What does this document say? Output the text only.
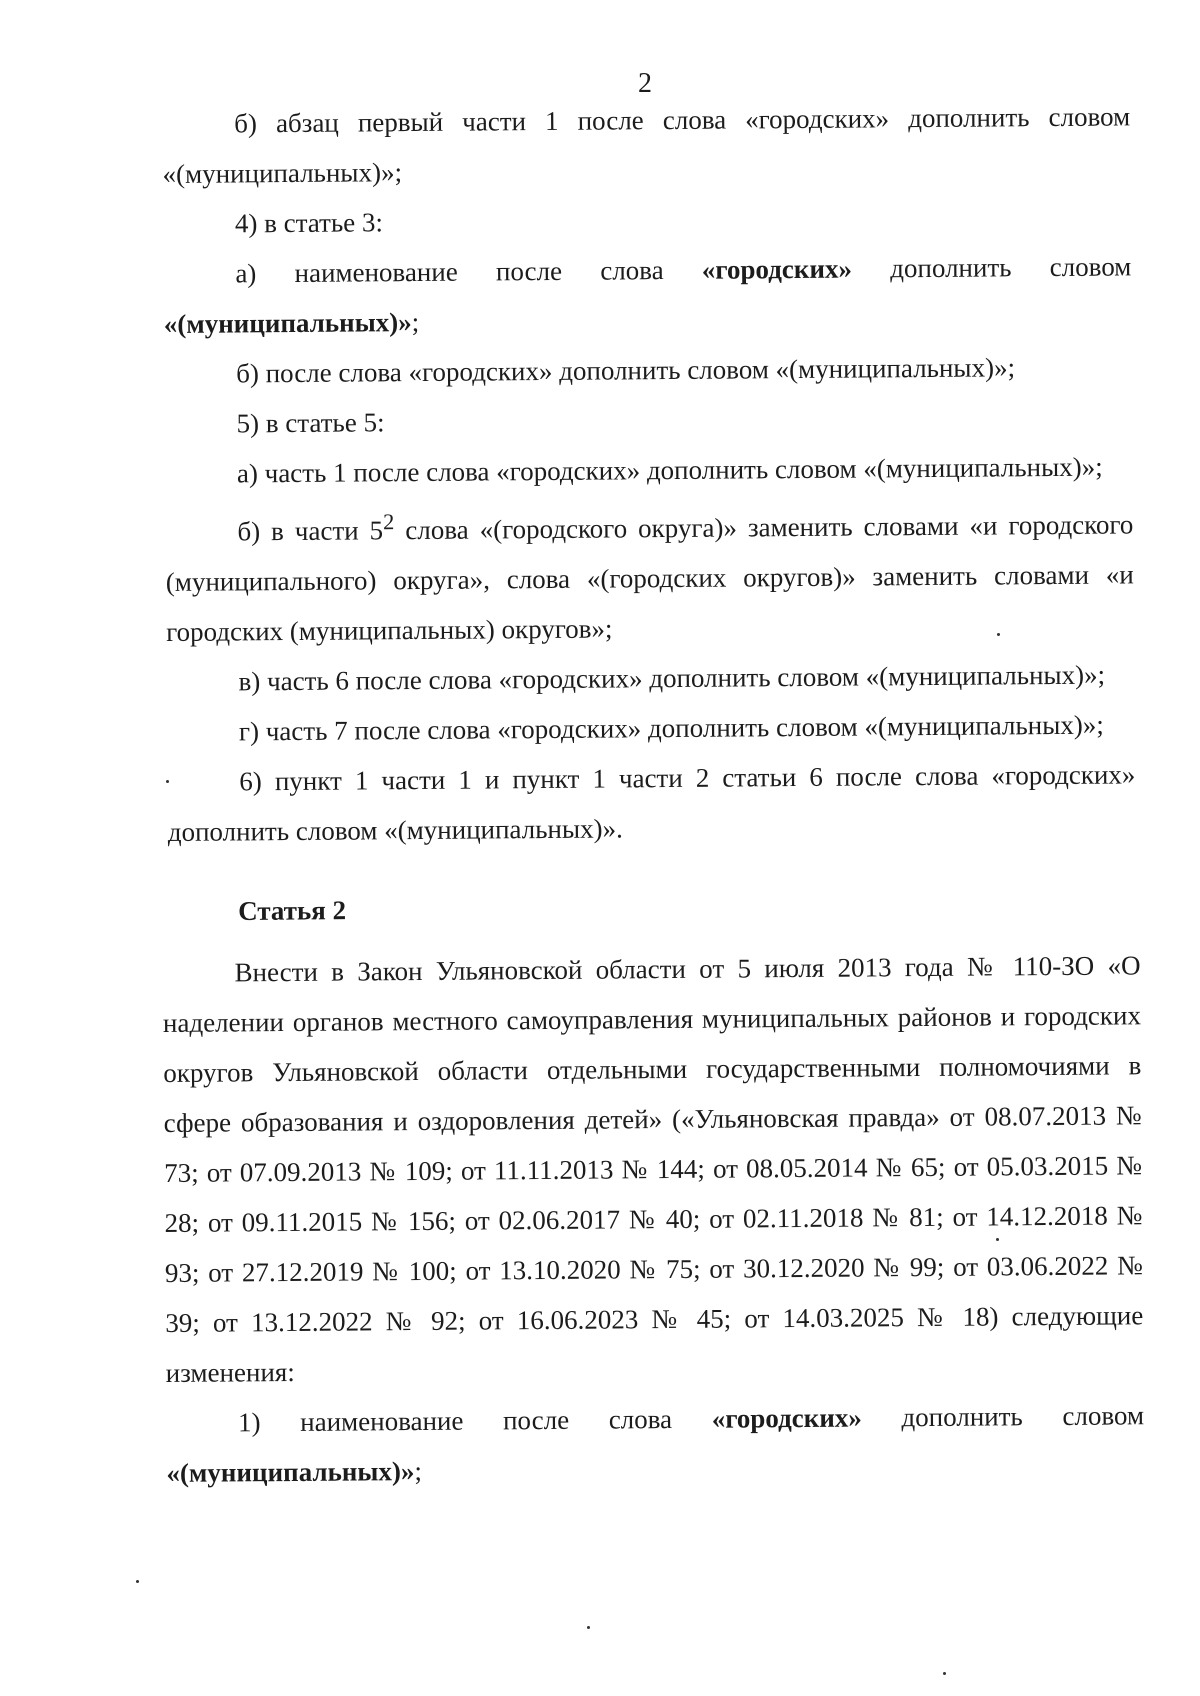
2

б) абзац первый части 1 после слова «городских» дополнить словом «(муниципальных)»;

4) в статье 3:

а) наименование после слова «городских» дополнить словом «(муниципальных)»;

б) после слова «городских» дополнить словом «(муниципальных)»;

5) в статье 5:

а) часть 1 после слова «городских» дополнить словом «(муниципальных)»;

б) в части $5^2$ слова «(городского округа)» заменить словами «и городского (муниципального) округа», слова «(городских округов)» заменить словами «и городских (муниципальных) округов»;

в) часть 6 после слова «городских» дополнить словом «(муниципальных)»;

г) часть 7 после слова «городских» дополнить словом «(муниципальных)»;

6) пункт 1 части 1 и пункт 1 части 2 статьи 6 после слова «городских» дополнить словом «(муниципальных)».

Статья 2

Внести в Закон Ульяновской области от 5 июля 2013 года № 110-ЗО «О наделении органов местного самоуправления муниципальных районов и городских округов Ульяновской области отдельными государственными полномочиями в сфере образования и оздоровления детей» («Ульяновская правда» от 08.07.2013 № 73; от 07.09.2013 № 109; от 11.11.2013 № 144; от 08.05.2014 № 65; от 05.03.2015 № 28; от 09.11.2015 № 156; от 02.06.2017 № 40; от 02.11.2018 № 81; от 14.12.2018 № 93; от 27.12.2019 № 100; от 13.10.2020 № 75; от 30.12.2020 № 99; от 03.06.2022 № 39; от 13.12.2022 № 92; от 16.06.2023 № 45; от 14.03.2025 № 18) следующие изменения:

1) наименование после слова «городских» дополнить словом «(муниципальных)»;
